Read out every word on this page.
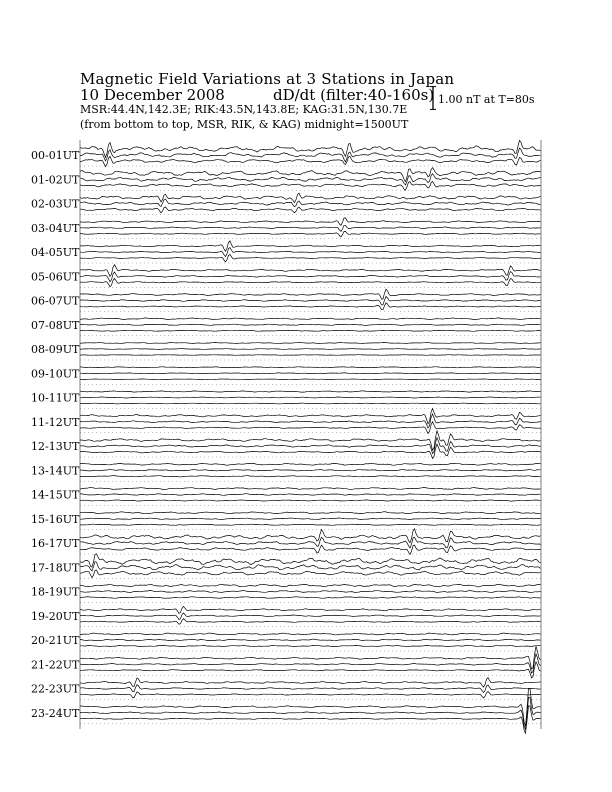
Magnetic Field Variations at 3 Stations in Japan
10 December 2008	dD/dt (filter:40-160s)
MSR:44.4N,142.3E; RIK:43.5N,143.8E; KAG:31.5N,130.7E
(from bottom to top, MSR, RIK, & KAG) midnight=1500UT
1.00 nT at T=80s
00-01UT
01-02UT
02-03UT
03-04UT
04-05UT
05-06UT
06-07UT
07-08UT
08-09UT
09-10UT
10-11UT
11-12UT
12-13UT
13-14UT
14-15UT
15-16UT
16-17UT
17-18UT
18-19UT
19-20UT
20-21UT
21-22UT
22-23UT
23-24UT
